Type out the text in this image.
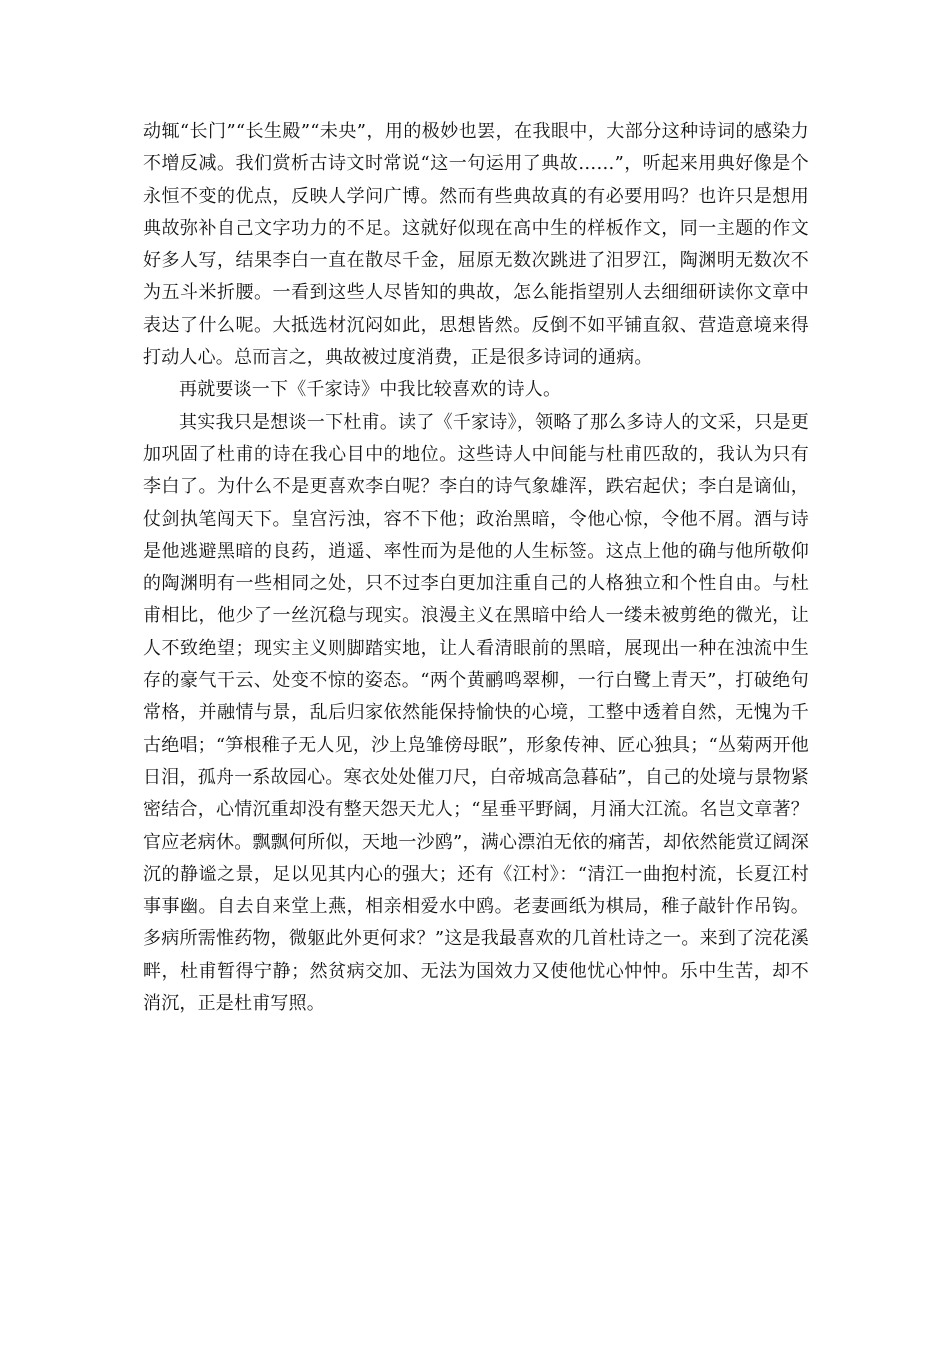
动辄“长门”“长生殿”“未央”，用的极妙也罢，在我眼中，大部分这种诗词的感染力不增反减。我们赏析古诗文时常说“这一句运用了典故……”，听起来用典好像是个永恒不变的优点，反映人学问广博。然而有些典故真的有必要用吗？也许只是想用典故弥补自己文字功力的不足。这就好似现在高中生的样板作文，同一主题的作文好多人写，结果李白一直在散尽千金，屈原无数次跳进了汨罗江，陶渊明无数次不为五斗米折腰。一看到这些人尽皆知的典故，怎么能指望别人去细细研读你文章中表达了什么呢。大抵选材沉闷如此，思想皆然。反倒不如平铺直叙、营造意境来得打动人心。总而言之，典故被过度消费，正是很多诗词的通病。

再就要谈一下《千家诗》中我比较喜欢的诗人。

其实我只是想谈一下杜甫。读了《千家诗》，领略了那么多诗人的文采，只是更加巩固了杜甫的诗在我心目中的地位。这些诗人中间能与杜甫匹敌的，我认为只有李白了。为什么不是更喜欢李白呢？李白的诗气象雄浑，跌宕起伏；李白是谪仙，仗剑执笔闯天下。皇宫污浊，容不下他；政治黑暗，令他心惊，令他不屑。酒与诗是他逃避黑暗的良药，逍遥、率性而为是他的人生标签。这点上他的确与他所敬仰的陶渊明有一些相同之处，只不过李白更加注重自己的人格独立和个性自由。与杜甫相比，他少了一丝沉稳与现实。浪漫主义在黑暗中给人一缕未被剪绝的微光，让人不致绝望；现实主义则脚踏实地，让人看清眼前的黑暗，展现出一种在浊流中生存的豪气干云、处变不惊的姿态。“两个黄鹂鸣翠柳，一行白鹭上青天”，打破绝句常格，并融情与景，乱后归家依然能保持愉快的心境，工整中透着自然，无愧为千古绝唱；“笋根稚子无人见，沙上凫雏傍母眠”，形象传神、匠心独具；“丛菊两开他日泪，孤舟一系故园心。寒衣处处催刀尺，白帝城高急暮砧”，自己的处境与景物紧密结合，心情沉重却没有整天怨天尤人；“星垂平野阔，月涌大江流。名岂文章著？官应老病休。飘飘何所似，天地一沙鸥”，满心漂泊无依的痛苦，却依然能赏辽阔深沉的静谧之景，足以见其内心的强大；还有《江村》：“清江一曲抱村流，长夏江村事事幽。自去自来堂上燕，相亲相爱水中鸥。老妻画纸为棋局，稚子敲针作吊钩。多病所需惟药物，微躯此外更何求？”这是我最喜欢的几首杜诗之一。来到了浣花溪畔，杜甫暂得宁静；然贫病交加、无法为国效力又使他忧心忡忡。乐中生苦，却不消沉，正是杜甫写照。
